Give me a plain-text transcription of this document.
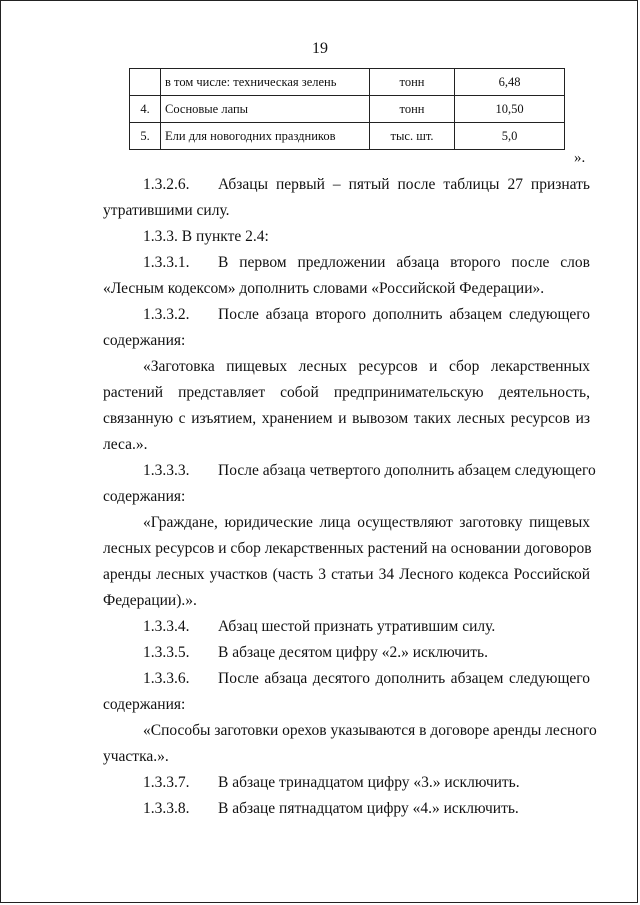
19
	в том числе: техническая зелень	тонн	6,48
4.	Сосновые лапы	тонн	10,50
5.	Ели для новогодних праздников	тыс. шт.	5,0
».
1.3.2.6. Абзацы первый – пятый после таблицы 27 признать
утратившими силу.
1.3.3. В пункте 2.4:
1.3.3.1. В первом предложении абзаца второго после слов
«Лесным кодексом» дополнить словами «Российской Федерации».
1.3.3.2. После абзаца второго дополнить абзацем следующего
содержания:
«Заготовка пищевых лесных ресурсов и сбор лекарственных
растений представляет собой предпринимательскую деятельность,
связанную с изъятием, хранением и вывозом таких лесных ресурсов из
леса.».
1.3.3.3. После абзаца четвертого дополнить абзацем следующего
содержания:
«Граждане, юридические лица осуществляют заготовку пищевых
лесных ресурсов и сбор лекарственных растений на основании договоров
аренды лесных участков (часть 3 статьи 34 Лесного кодекса Российской
Федерации).».
1.3.3.4. Абзац шестой признать утратившим силу.
1.3.3.5. В абзаце десятом цифру «2.» исключить.
1.3.3.6. После абзаца десятого дополнить абзацем следующего
содержания:
«Способы заготовки орехов указываются в договоре аренды лесного
участка.».
1.3.3.7. В абзаце тринадцатом цифру «3.» исключить.
1.3.3.8. В абзаце пятнадцатом цифру «4.» исключить.
